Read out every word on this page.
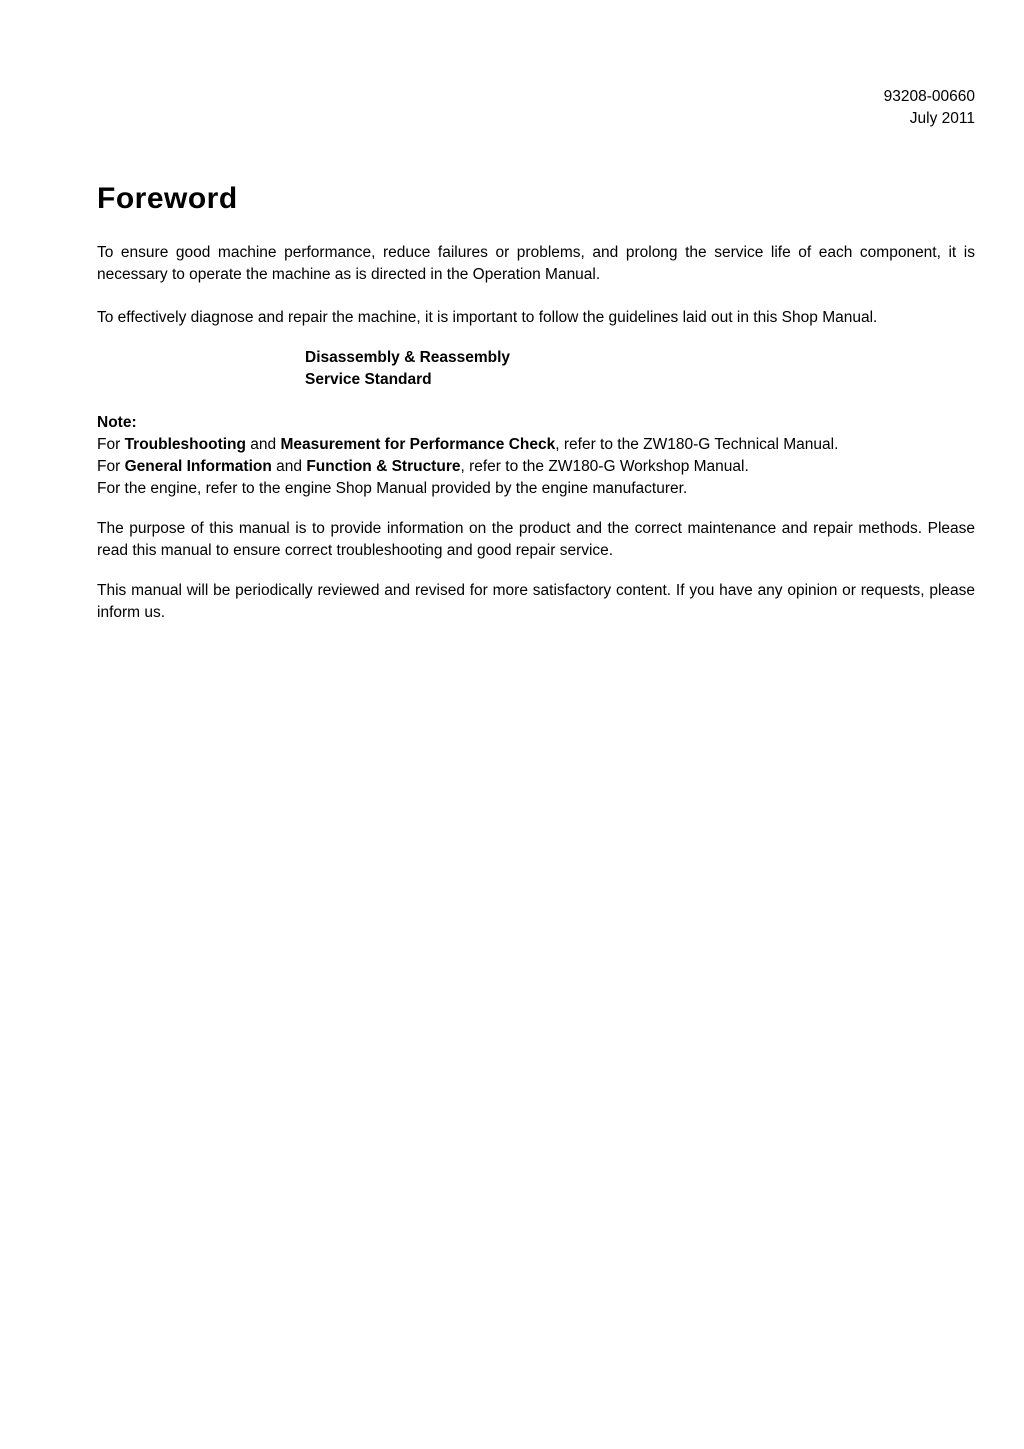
93208-00660
July 2011
Foreword

To ensure good machine performance, reduce failures or problems, and prolong the service life of each component, it is necessary to operate the machine as is directed in the Operation Manual.

To effectively diagnose and repair the machine, it is important to follow the guidelines laid out in this Shop Manual.

Disassembly & Reassembly
Service Standard
Note:
For Troubleshooting and Measurement for Performance Check, refer to the ZW180-G Technical Manual.
For General Information and Function & Structure, refer to the ZW180-G Workshop Manual.
For the engine, refer to the engine Shop Manual provided by the engine manufacturer.

The purpose of this manual is to provide information on the product and the correct maintenance and repair methods. Please read this manual to ensure correct troubleshooting and good repair service.

This manual will be periodically reviewed and revised for more satisfactory content. If you have any opinion or requests, please inform us.
